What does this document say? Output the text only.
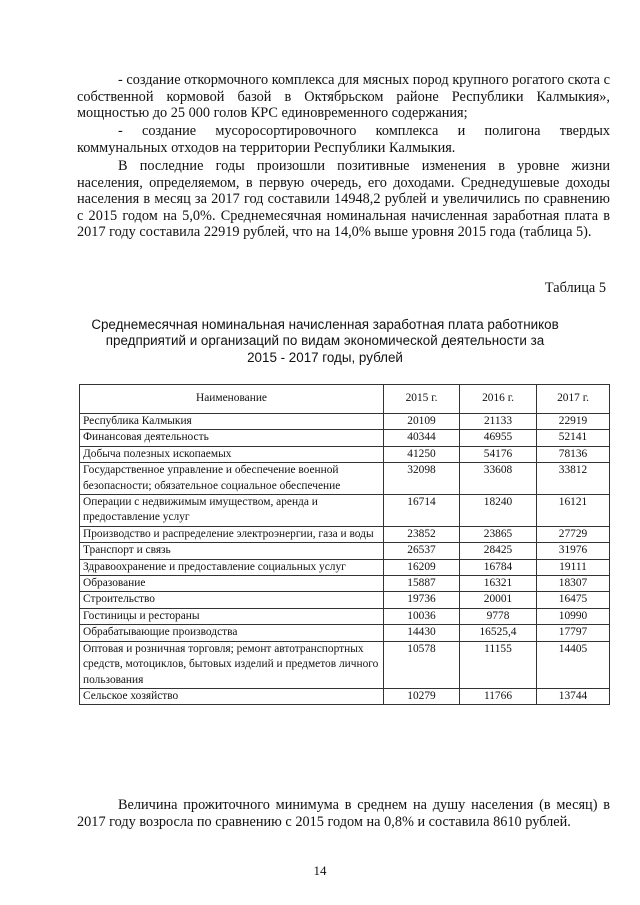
- создание откормочного комплекса для мясных пород крупного рогатого скота с собственной кормовой базой в Октябрьском районе Республики Калмыкия», мощностью до 25 000 голов КРС единовременного содержания;

- создание мусоросортировочного комплекса и полигона твердых коммунальных отходов на территории Республики Калмыкия.

В последние годы произошли позитивные изменения в уровне жизни населения, определяемом, в первую очередь, его доходами. Среднедушевые доходы населения в месяц за 2017 год составили 14948,2 рублей и увеличились по сравнению с 2015 годом на 5,0%. Среднемесячная номинальная начисленная заработная плата в 2017 году составила 22919 рублей, что на 14,0% выше уровня 2015 года (таблица 5).

Таблица 5

Среднемесячная номинальная начисленная заработная плата работников предприятий и организаций по видам экономической деятельности за 2015 - 2017 годы, рублей

Наименование	2015 г.	2016 г.	2017 г.
Республика Калмыкия	20109	21133	22919
Финансовая деятельность	40344	46955	52141
Добыча полезных ископаемых	41250	54176	78136
Государственное управление и обеспечение военной безопасности; обязательное социальное обеспечение	32098	33608	33812
Операции с недвижимым имуществом, аренда и предоставление услуг	16714	18240	16121
Производство и распределение электроэнергии, газа и воды	23852	23865	27729
Транспорт и связь	26537	28425	31976
Здравоохранение и предоставление социальных услуг	16209	16784	19111
Образование	15887	16321	18307
Строительство	19736	20001	16475
Гостиницы и рестораны	10036	9778	10990
Обрабатывающие производства	14430	16525,4	17797
Оптовая и розничная торговля; ремонт автотранспортных средств, мотоциклов, бытовых изделий и предметов личного пользования	10578	11155	14405
Сельское хозяйство	10279	11766	13744

Величина прожиточного минимума в среднем на душу населения (в месяц) в 2017 году возросла по сравнению с 2015 годом на 0,8% и составила 8610 рублей.

14
